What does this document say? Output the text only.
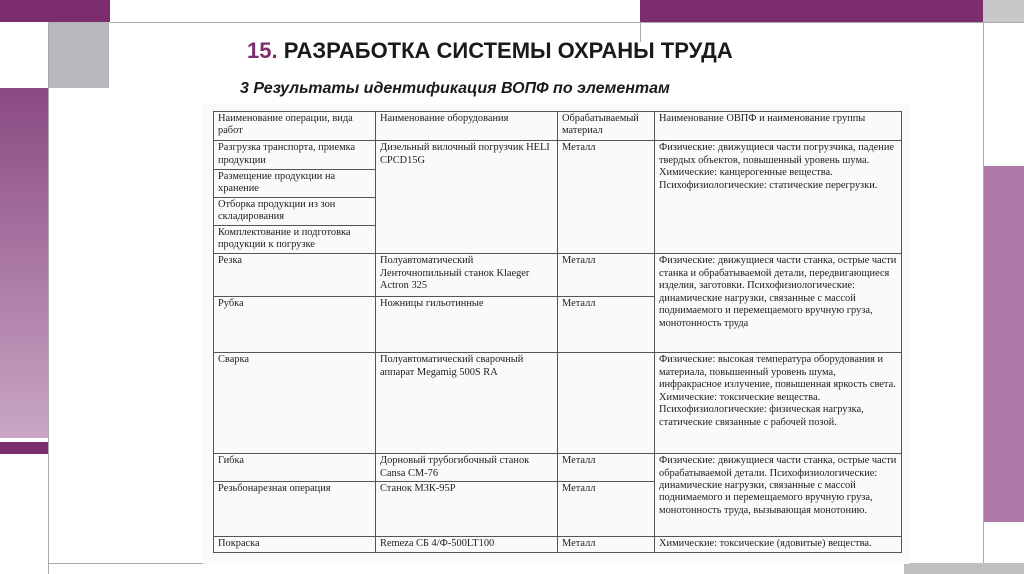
15. РАЗРАБОТКА СИСТЕМЫ ОХРАНЫ ТРУДА
3 Результаты идентификация ВОПФ по элементам
Наименование операции, вида работ	Наименование оборудования	Обрабатываемый материал	Наименование ОВПФ и наименование группы
Разгрузка транспорта, приемка продукции	Дизельный вилочный погрузчик HELI CPCD15G	Металл	Физические: движущиеся части погрузчика, падение твердых объектов, повышенный уровень шума. Химические: канцерогенные вещества. Психофизиологические: статические перегрузки.
Размещение продукции на хранение			
Отборка продукции из зон складирования			
Комплектование и подготовка продукции к погрузке			
Резка	Полуавтоматический Ленточнопильный станок Klaeger Actron 325	Металл	Физические: движущиеся части станка, острые части станка и обрабатываемой детали, передвигающиеся изделия, заготовки. Психофизиологические: динамические нагрузки, связанные с массой поднимаемого и перемещаемого вручную груза, монотонность труда
Рубка	Ножницы гильотинные	Металл	
Сварка	Полуавтоматический сварочный аппарат Megamig 500S RA		Физические: высокая температура оборудования и материала, повышенный уровень шума, инфракрасное излучение, повышенная яркость света. Химические: токсические вещества. Психофизиологические: физическая нагрузка, статические связанные с рабочей позой.
Гибка	Дорновый трубогибочный станок Cansa CM-76	Металл	Физические: движущиеся части станка, острые части обрабатываемой детали. Психофизиологические: динамические нагрузки, связанные с массой поднимаемого и перемещаемого вручную груза, монотонность труда, вызывающая монотонию.
Резьбонарезная операция	Станок МЗК-95Р	Металл	
Покраска	Remeza СБ 4/Ф-500LT100	Металл	Химические: токсические (ядовитые) вещества.
